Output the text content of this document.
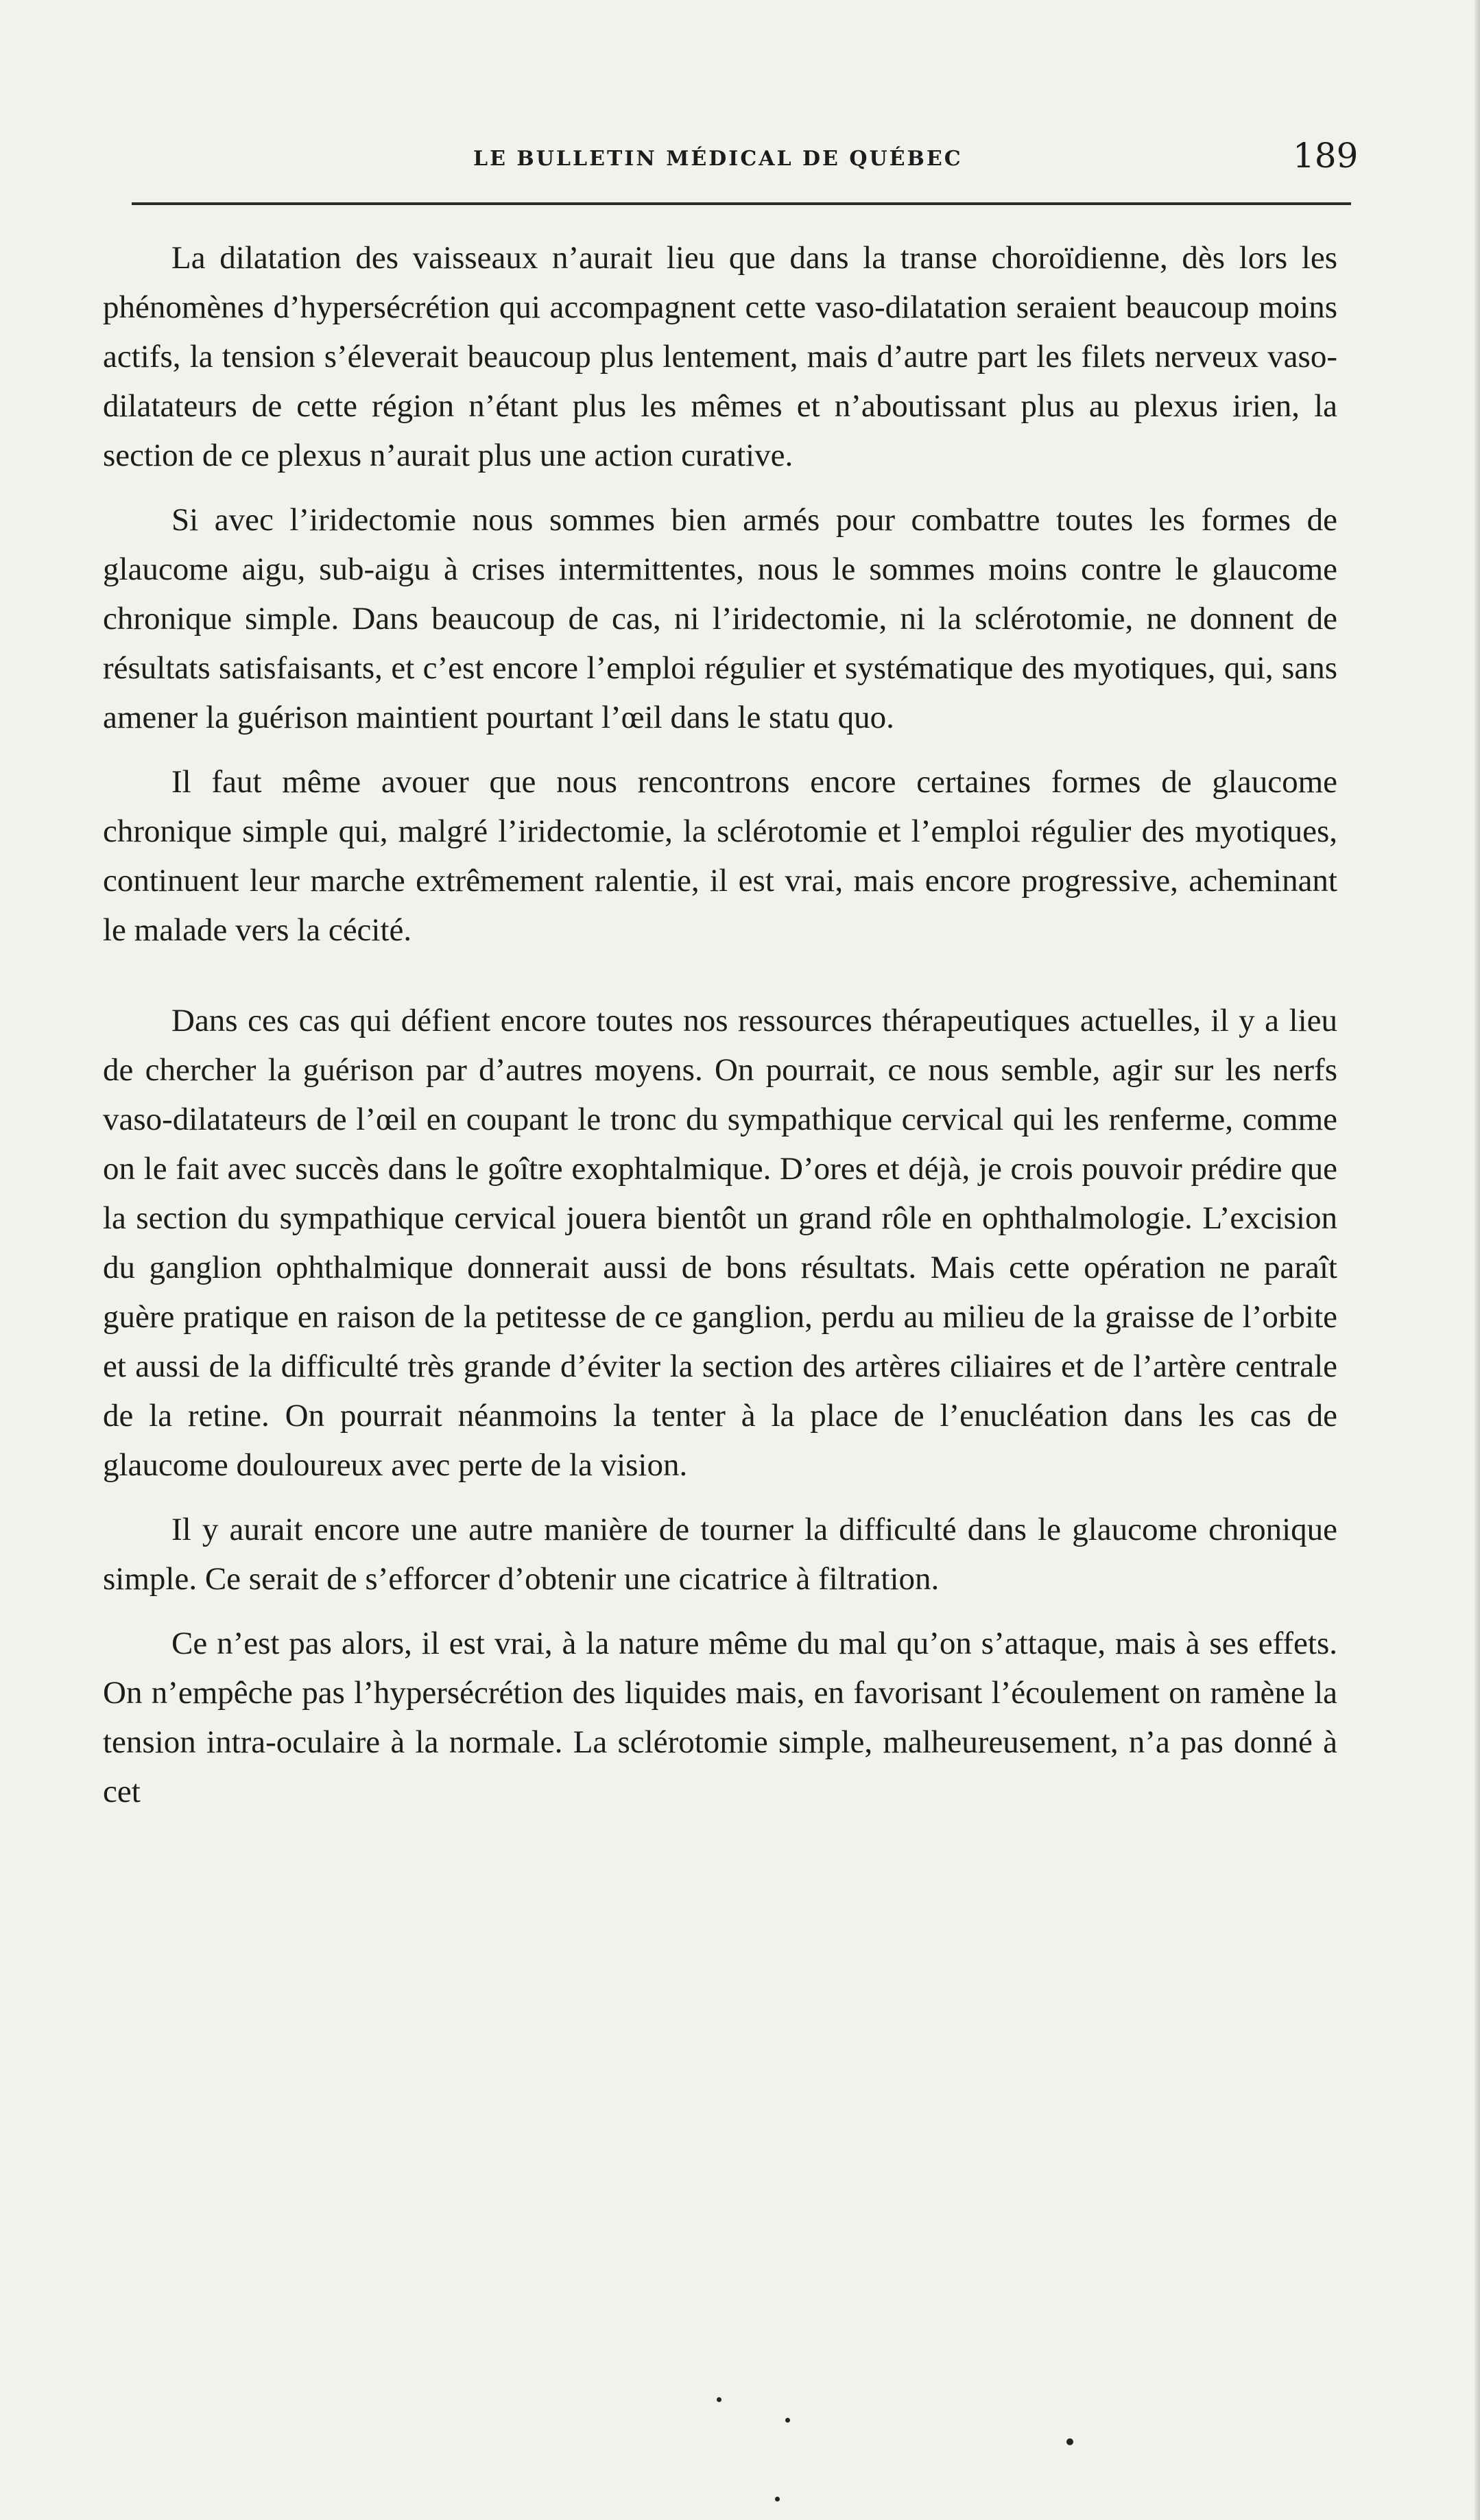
LE BULLETIN MÉDICAL DE QUÉBEC	189

La dilatation des vaisseaux n’aurait lieu que dans la transe choroïdienne, dès lors les phénomènes d’hypersécrétion qui accompagnent cette vaso-dilatation seraient beaucoup moins actifs, la tension s’éleverait beaucoup plus lentement, mais d’autre part les filets nerveux vaso-dilatateurs de cette région n’étant plus les mêmes et n’aboutissant plus au plexus irien, la section de ce plexus n’aurait plus une action curative.

Si avec l’iridectomie nous sommes bien armés pour combattre toutes les formes de glaucome aigu, sub-aigu à crises intermittentes, nous le sommes moins contre le glaucome chronique simple. Dans beaucoup de cas, ni l’iridectomie, ni la sclérotomie, ne donnent de résultats satisfaisants, et c’est encore l’emploi régulier et systématique des myotiques, qui, sans amener la guérison maintient pourtant l’œil dans le statu quo.

Il faut même avouer que nous rencontrons encore certaines formes de glaucome chronique simple qui, malgré l’iridectomie, la sclérotomie et l’emploi régulier des myotiques, continuent leur marche extrêmement ralentie, il est vrai, mais encore progressive, acheminant le malade vers la cécité.

Dans ces cas qui défient encore toutes nos ressources thérapeutiques actuelles, il y a lieu de chercher la guérison par d’autres moyens. On pourrait, ce nous semble, agir sur les nerfs vaso-dilatateurs de l’œil en coupant le tronc du sympathique cervical qui les renferme, comme on le fait avec succès dans le goître exophtalmique. D’ores et déjà, je crois pouvoir prédire que la section du sympathique cervical jouera bientôt un grand rôle en ophthalmologie. L’excision du ganglion ophthalmique donnerait aussi de bons résultats. Mais cette opération ne paraît guère pratique en raison de la petitesse de ce ganglion, perdu au milieu de la graisse de l’orbite et aussi de la difficulté très grande d’éviter la section des artères ciliaires et de l’artère centrale de la retine. On pourrait néanmoins la tenter à la place de l’enucléation dans les cas de glaucome douloureux avec perte de la vision.

Il y aurait encore une autre manière de tourner la difficulté dans le glaucome chronique simple. Ce serait de s’efforcer d’obtenir une cicatrice à filtration.

Ce n’est pas alors, il est vrai, à la nature même du mal qu’on s’attaque, mais à ses effets. On n’empêche pas l’hypersécrétion des liquides mais, en favorisant l’écoulement on ramène la tension intra-oculaire à la normale. La sclérotomie simple, malheureusement, n’a pas donné à cet
